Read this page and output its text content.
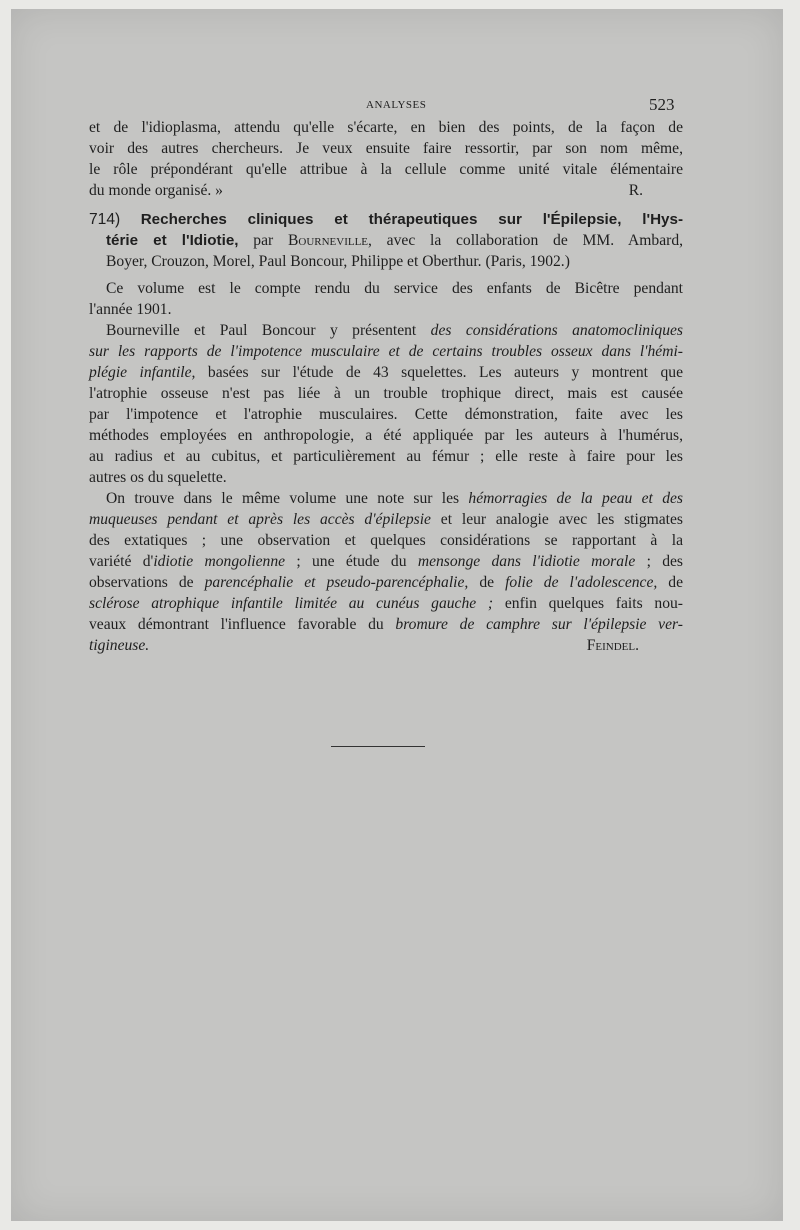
ANALYSES	523

et de l'idioplasma, attendu qu'elle s'écarte, en bien des points, de la façon de

voir des autres chercheurs. Je veux ensuite faire ressortir, par son nom même,

le rôle prépondérant qu'elle attribue à la cellule comme unité vitale élémentaire

du monde organisé. »	R.

714) Recherches cliniques et thérapeutiques sur l'Épilepsie, l'Hys-

térie et l'Idiotie, par Bourneville, avec la collaboration de MM. Ambard,

Boyer, Crouzon, Morel, Paul Boncour, Philippe et Oberthur. (Paris, 1902.)

Ce volume est le compte rendu du service des enfants de Bicêtre pendant

l'année 1901.

Bourneville et Paul Boncour y présentent des considérations anatomocliniques

sur les rapports de l'impotence musculaire et de certains troubles osseux dans l'hémi-

plégie infantile, basées sur l'étude de 43 squelettes. Les auteurs y montrent que

l'atrophie osseuse n'est pas liée à un trouble trophique direct, mais est causée

par l'impotence et l'atrophie musculaires. Cette démonstration, faite avec les

méthodes employées en anthropologie, a été appliquée par les auteurs à l'humérus,

au radius et au cubitus, et particulièrement au fémur ; elle reste à faire pour les

autres os du squelette.

On trouve dans le même volume une note sur les hémorragies de la peau et des

muqueuses pendant et après les accès d'épilepsie et leur analogie avec les stigmates

des extatiques ; une observation et quelques considérations se rapportant à la

variété d'idiotie mongolienne ; une étude du mensonge dans l'idiotie morale ; des

observations de parencéphalie et pseudo-parencéphalie, de folie de l'adolescence, de

sclérose atrophique infantile limitée au cunéus gauche ; enfin quelques faits nou-

veaux démontrant l'influence favorable du bromure de camphre sur l'épilepsie ver-

tigineuse.	Feindel.
